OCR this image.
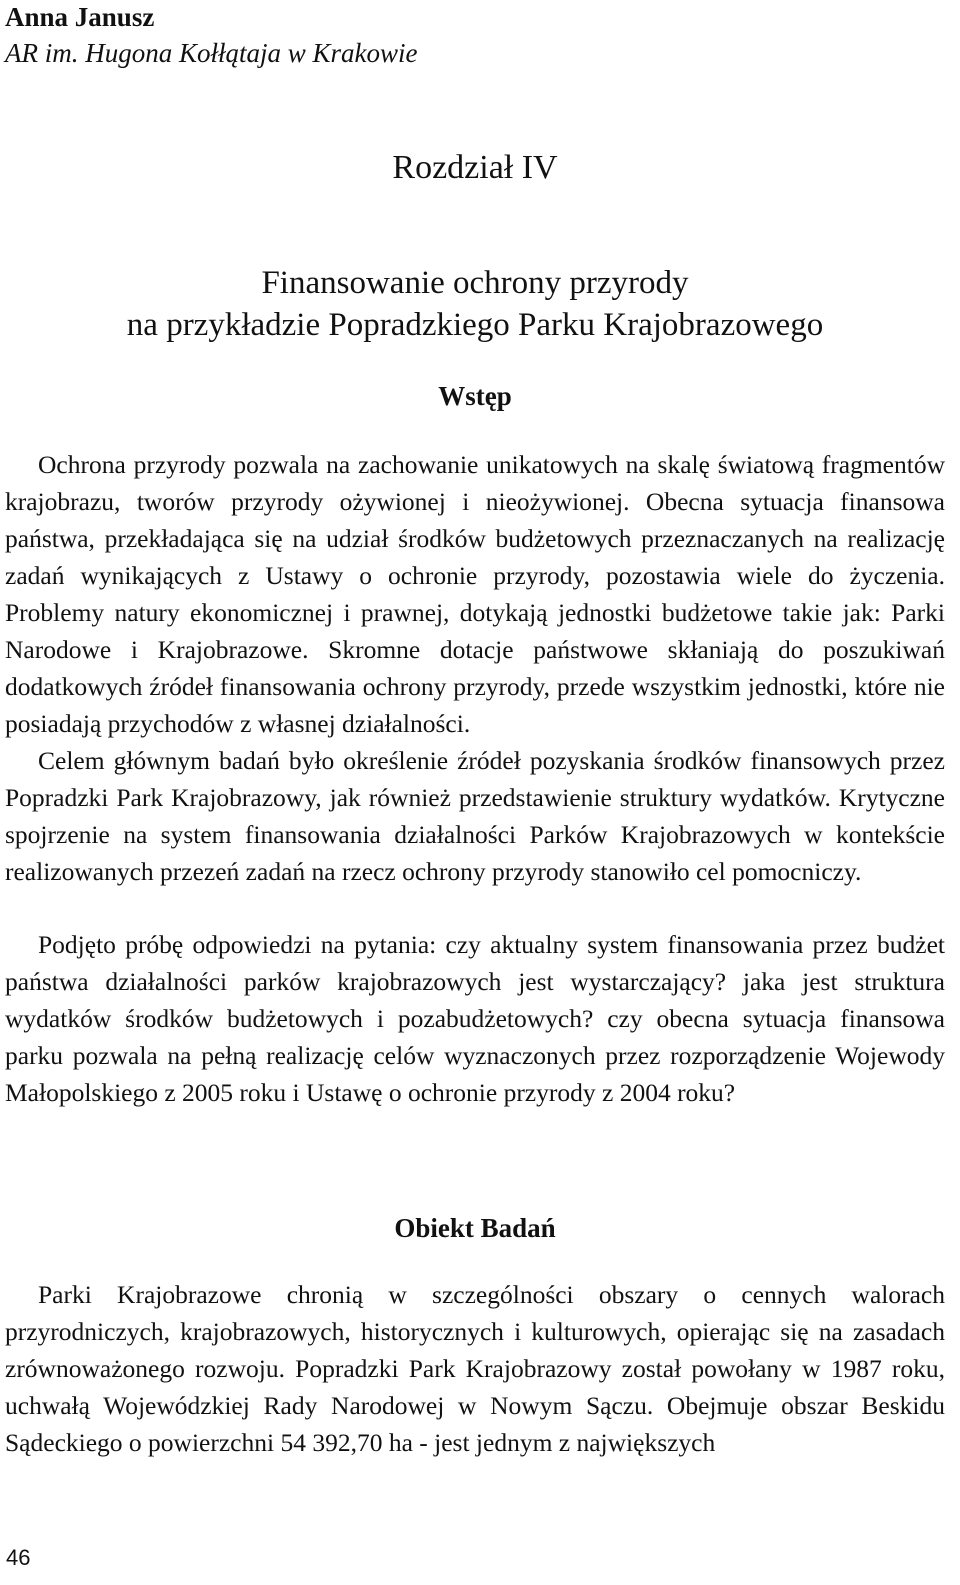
Anna Janusz
AR im. Hugona Kołłątaja w Krakowie
Rozdział IV
Finansowanie ochrony przyrody
na przykładzie Popradzkiego Parku Krajobrazowego
Wstęp

Ochrona przyrody pozwala na zachowanie unikatowych na skalę światową fragmentów krajobrazu, tworów przyrody ożywionej i nieożywionej. Obecna sytuacja finansowa państwa, przekładająca się na udział środków budżetowych przeznaczanych na realizację zadań wynikających z Ustawy o ochronie przyrody, pozostawia wiele do życzenia. Problemy natury ekonomicznej i prawnej, dotykają jednostki budżetowe takie jak: Parki Narodowe i Krajobrazowe. Skromne dotacje państwowe skłaniają do poszukiwań dodatkowych źródeł finansowania ochrony przyrody, przede wszystkim jednostki, które nie posiadają przychodów z własnej działalności.

Celem głównym badań było określenie źródeł pozyskania środków finansowych przez Popradzki Park Krajobrazowy, jak również przedstawienie struktury wydatków. Krytyczne spojrzenie na system finansowania działalności Parków Krajobrazowych w kontekście realizowanych przezeń zadań na rzecz ochrony przyrody stanowiło cel pomocniczy.

Podjęto próbę odpowiedzi na pytania: czy aktualny system finansowania przez budżet państwa działalności parków krajobrazowych jest wystarczający? jaka jest struktura wydatków środków budżetowych i pozabudżetowych? czy obecna sytuacja finansowa parku pozwala na pełną realizację celów wyznaczonych przez rozporządzenie Wojewody Małopolskiego z 2005 roku i Ustawę o ochronie przyrody z 2004 roku?

Obiekt Badań

Parki Krajobrazowe chronią w szczególności obszary o cennych walorach przyrodniczych, krajobrazowych, historycznych i kulturowych, opierając się na zasadach zrównoważonego rozwoju. Popradzki Park Krajobrazowy został powołany w 1987 roku, uchwałą Wojewódzkiej Rady Narodowej w Nowym Sączu. Obejmuje obszar Beskidu Sądeckiego o powierzchni 54 392,70 ha - jest jednym z największych

46
